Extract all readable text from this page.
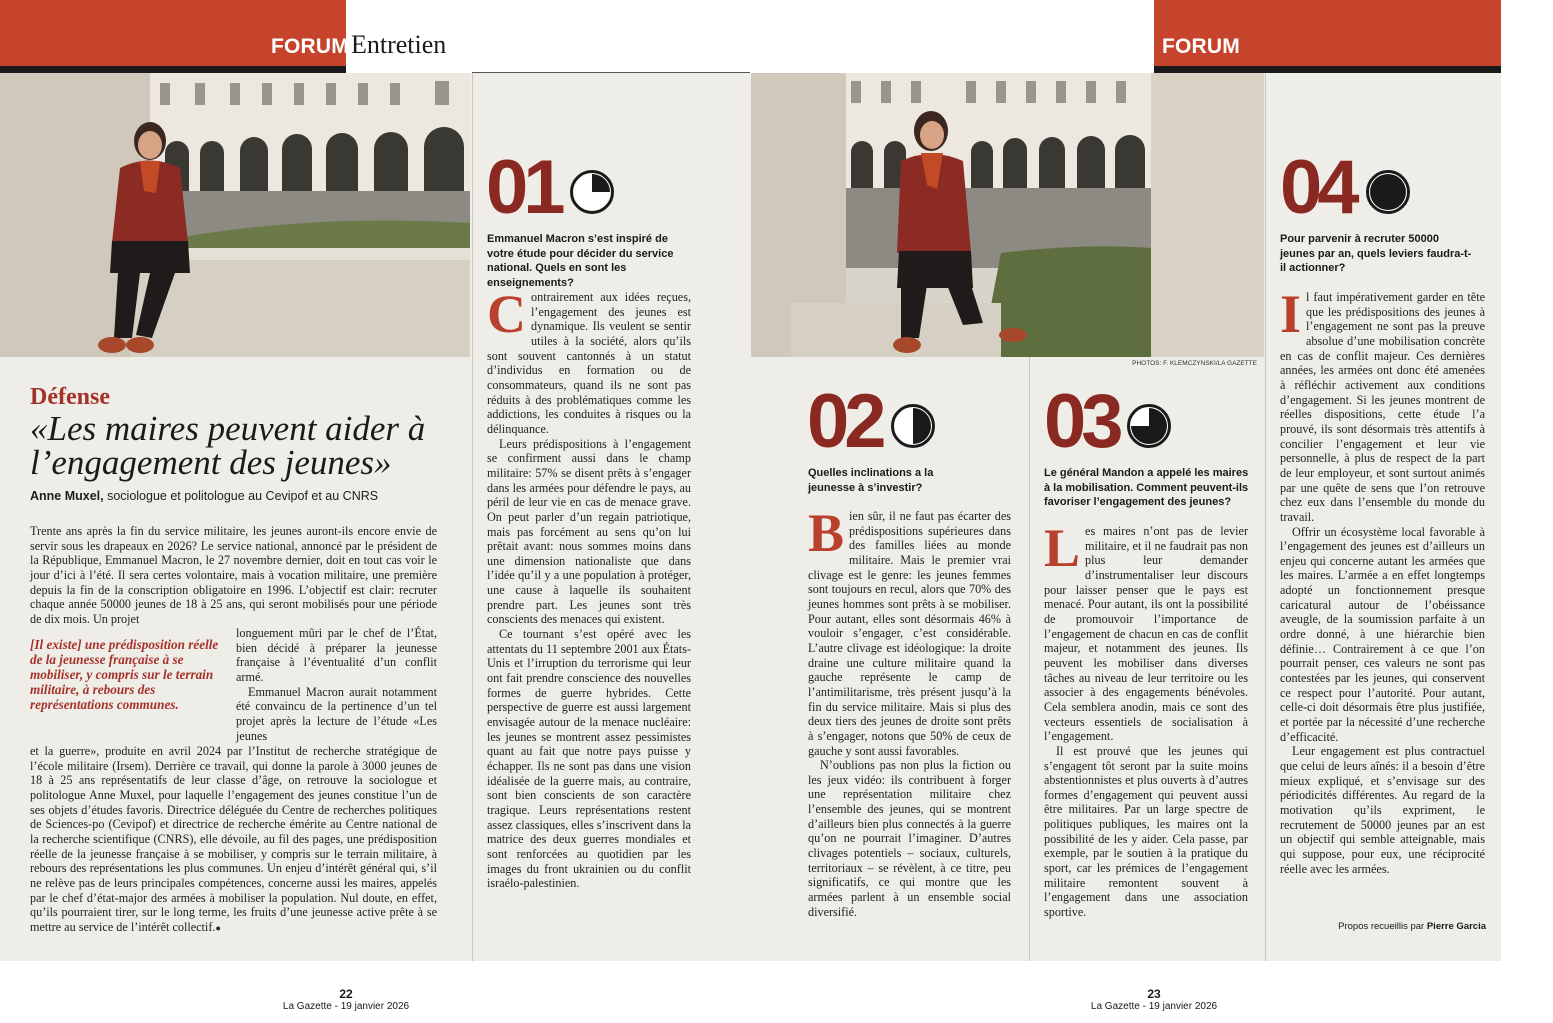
FORUM Entretien	FORUM
Défense
«Les maires peuvent aider à l’engagement des jeunes»
Anne Muxel, sociologue et politologue au Cevipof et au CNRS
Trente ans après la fin du service militaire, les jeunes auront-ils encore envie de servir sous les drapeaux en 2026? Le service national, annoncé par le président de la République, Emmanuel Macron, le 27 novembre dernier, doit en tout cas voir le jour d’ici à l’été. Il sera certes volontaire, mais à vocation militaire, une première depuis la fin de la conscription obligatoire en 1996. L’objectif est clair: recruter chaque année 50000 jeunes de 18 à 25 ans, qui seront mobilisés pour une période de dix mois. Un projet
[Il existe] une prédisposition réelle de la jeunesse française à se mobiliser, y compris sur le terrain militaire, à rebours des représentations communes.

longuement mûri par le chef de l’État, bien décidé à préparer la jeunesse française à l’éventualité d’un conflit armé.

Emmanuel Macron aurait notamment été convaincu de la pertinence d’un tel projet après la lecture de l’étude «Les jeunes

et la guerre», produite en avril 2024 par l’Institut de recherche stratégique de l’école militaire (Irsem). Derrière ce travail, qui donne la parole à 3000 jeunes de 18 à 25 ans représentatifs de leur classe d’âge, on retrouve la sociologue et politologue Anne Muxel, pour laquelle l’engagement des jeunes constitue l’un de ses objets d’études favoris. Directrice déléguée du Centre de recherches politiques de Sciences-po (Cevipof) et directrice de recherche émérite au Centre national de la recherche scientifique (CNRS), elle dévoile, au fil des pages, une prédisposition réelle de la jeunesse française à se mobiliser, y compris sur le terrain militaire, à rebours des représentations les plus communes. Un enjeu d’intérêt général qui, s’il ne relève pas de leurs principales compétences, concerne aussi les maires, appelés par le chef d’état-major des armées à mobiliser la population. Nul doute, en effet, qu’ils pourraient tirer, sur le long terme, les fruits d’une jeunesse active prête à se mettre au service de l’intérêt collectif.●
01
Emmanuel Macron s’est inspiré de votre étude pour décider du service national. Quels en sont les enseignements?
C ontrairement aux idées reçues, l’engagement des jeunes est dynamique. Ils veulent se sentir utiles à la société, alors qu’ils sont souvent cantonnés à un statut d’individus en formation ou de consommateurs, quand ils ne sont pas réduits à des problématiques comme les addictions, les conduites à risques ou la délinquance.

Leurs prédispositions à l’engagement se confirment aussi dans le champ militaire: 57% se disent prêts à s’engager dans les armées pour défendre le pays, au péril de leur vie en cas de menace grave. On peut parler d’un regain patriotique, mais pas forcément au sens qu’on lui prêtait avant: nous sommes moins dans une dimension nationaliste que dans l’idée qu’il y a une population à protéger, une cause à laquelle ils souhaitent prendre part. Les jeunes sont très conscients des menaces qui existent.

Ce tournant s’est opéré avec les attentats du 11 septembre 2001 aux États-Unis et l’irruption du terrorisme qui leur ont fait prendre conscience des nouvelles formes de guerre hybrides. Cette perspective de guerre est aussi largement envisagée autour de la menace nucléaire: les jeunes se montrent assez pessimistes quant au fait que notre pays puisse y échapper. Ils ne sont pas dans une vision idéalisée de la guerre mais, au contraire, sont bien conscients de son caractère tragique. Leurs représentations restent assez classiques, elles s’inscrivent dans la matrice des deux guerres mondiales et sont renforcées au quotidien par les images du front ukrainien ou du conflit israélo-palestinien.

PHOTOS: F. KLEMCZYNSKI/LA GAZETTE
02
Quelles inclinations a la jeunesse à s’investir?
B ien sûr, il ne faut pas écarter des prédispositions supérieures dans des familles liées au monde militaire. Mais le premier vrai clivage est le genre: les jeunes femmes sont toujours en recul, alors que 70% des jeunes hommes sont prêts à se mobiliser. Pour autant, elles sont désormais 46% à vouloir s’engager, c’est considérable. L’autre clivage est idéologique: la droite draine une culture militaire quand la gauche représente le camp de l’antimilitarisme, très présent jusqu’à la fin du service militaire. Mais si plus des deux tiers des jeunes de droite sont prêts à s’engager, notons que 50% de ceux de gauche y sont aussi favorables.

N’oublions pas non plus la fiction ou les jeux vidéo: ils contribuent à forger une représentation militaire chez l’ensemble des jeunes, qui se montrent d’ailleurs bien plus connectés à la guerre qu’on ne pourrait l’imaginer. D’autres clivages potentiels – sociaux, culturels, territoriaux – se révèlent, à ce titre, peu significatifs, ce qui montre que les armées parlent à un ensemble social diversifié.

03
Le général Mandon a appelé les maires à la mobilisation. Comment peuvent-ils favoriser l’engagement des jeunes?
L es maires n’ont pas de levier militaire, et il ne faudrait pas non plus leur demander d’instrumentaliser leur discours pour laisser penser que le pays est menacé. Pour autant, ils ont la possibilité de promouvoir l’importance de l’engagement de chacun en cas de conflit majeur, et notamment des jeunes. Ils peuvent les mobiliser dans diverses tâches au niveau de leur territoire ou les associer à des engagements bénévoles. Cela semblera anodin, mais ce sont des vecteurs essentiels de socialisation à l’engagement.

Il est prouvé que les jeunes qui s’engagent tôt seront par la suite moins abstentionnistes et plus ouverts à d’autres formes d’engagement qui peuvent aussi être militaires. Par un large spectre de politiques publiques, les maires ont la possibilité de les y aider. Cela passe, par exemple, par le soutien à la pratique du sport, car les prémices de l’engagement militaire remontent souvent à l’engagement dans une association sportive.

04
Pour parvenir à recruter 50000 jeunes par an, quels leviers faudra-t-il actionner?
I l faut impérativement garder en tête que les prédispositions des jeunes à l’engagement ne sont pas la preuve absolue d’une mobilisation concrète en cas de conflit majeur. Ces dernières années, les armées ont donc été amenées à réfléchir activement aux conditions d’engagement. Si les jeunes montrent de réelles dispositions, cette étude l’a prouvé, ils sont désormais très attentifs à concilier l’engagement et leur vie personnelle, à plus de respect de la part de leur employeur, et sont surtout animés par une quête de sens que l’on retrouve chez eux dans l’ensemble du monde du travail.

Offrir un écosystème local favorable à l’engagement des jeunes est d’ailleurs un enjeu qui concerne autant les armées que les maires. L’armée a en effet longtemps adopté un fonctionnement presque caricatural autour de l’obéissance aveugle, de la soumission parfaite à un ordre donné, à une hiérarchie bien définie… Contrairement à ce que l’on pourrait penser, ces valeurs ne sont pas contestées par les jeunes, qui conservent ce respect pour l’autorité. Pour autant, celle-ci doit désormais être plus justifiée, et portée par la nécessité d’une recherche d’efficacité.

Leur engagement est plus contractuel que celui de leurs aînés: il a besoin d’être mieux expliqué, et s’envisage sur des périodicités différentes. Au regard de la motivation qu’ils expriment, le recrutement de 50000 jeunes par an est un objectif qui semble atteignable, mais qui suppose, pour eux, une réciprocité réelle avec les armées.

Propos recueillis par Pierre Garcia
22
La Gazette - 19 janvier 2026
23
La Gazette - 19 janvier 2026
